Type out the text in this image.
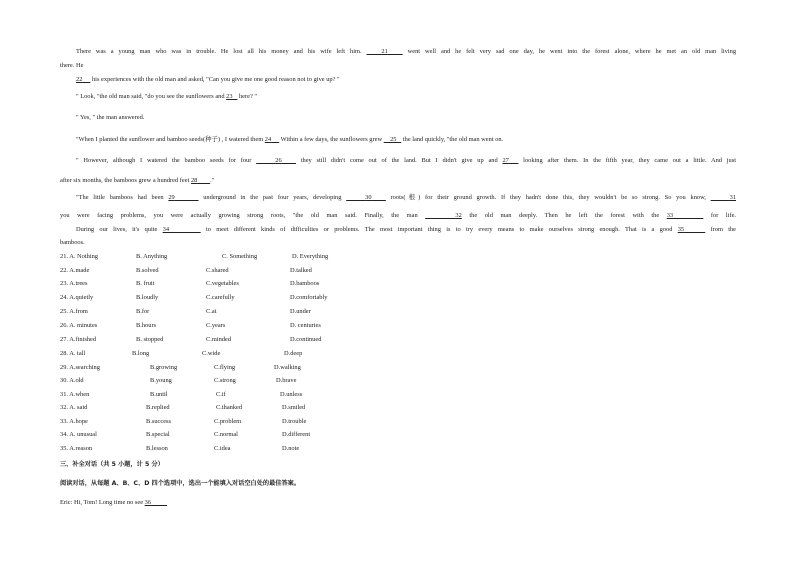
There was a young man who was in trouble. He lost all his money and his wife left him.    21    went well and he felt very sad one day, he went into the forest alone, where he met an old man living
there. He
22      his experiences with the old man and asked, "Can you give me one good reason not to give up? "
" Look, "the old man said, "do you see the sunflowers and 23    here? "
" Yes, " the man answered.
"When I planted the sunflower and bamboo seeds(种子) , I watered them 24      Within a few days, the sunflowers grew     25    the land quickly, "the old man went on.
" However, although I watered the bamboo seeds for four	26    they still didn't come out of the land. But I didn't give up and 27   looking after them. In the fifth year, they came out a little. And just
after six months, the bamboos grew a hundred feet 28 ."
"The little bamboos had been 29	underground in the past four years, developing	30    roots(根) for their ground growth. If they hadn't done this, they wouldn't be so strong. So you know,	31
you were facing problems, you were actually growing strong roots, "the old man said. Finally, the man	32 the old man deeply. Then he left the forest with the 33	for life.
During our lives, it's quite 34	to meet different kinds of difficulties or problems. The most important thing is to try every means to make ourselves strong enough. That is a good 35	from the
bamboos.
21. A. Nothing	B. Anything	C. Something	D. Everything
22. A.made	B.solved	C.shared	D.talked
23. A.trees	B. fruit	C.vegetables	D.bamboos
24. A.quietly	B.loudly	C.carefully	D.comfortably
25. A.from	B.for	C.at	D.under
26. A. minutes	B.hours	C.years	D. centuries
27. A.finished	B. stopped	C.minded	D.continued
28. A. tall	B.long	C.wide	D.deep
29. A.searching	B.growing	C.flying	D.walking
30. A.old	B.young	C.strong	D.brave
31. A.when	B.until	C.if	D.unless
32. A. said	B.replied	C.thanked	D.smiled
33. A.hope	B.success	C.problem	D.trouble
34. A. unusual	B.special	C.normal	D.different
35. A.reason	B.lesson	C.idea	D.note
三、补全对话（共 5 小题，计 5 分）
阅读对话，从每题 A、B、C、D 四个选项中，选出一个能填入对话空白处的最佳答案。
Eric: Hi, Tom! Long time no see 36
